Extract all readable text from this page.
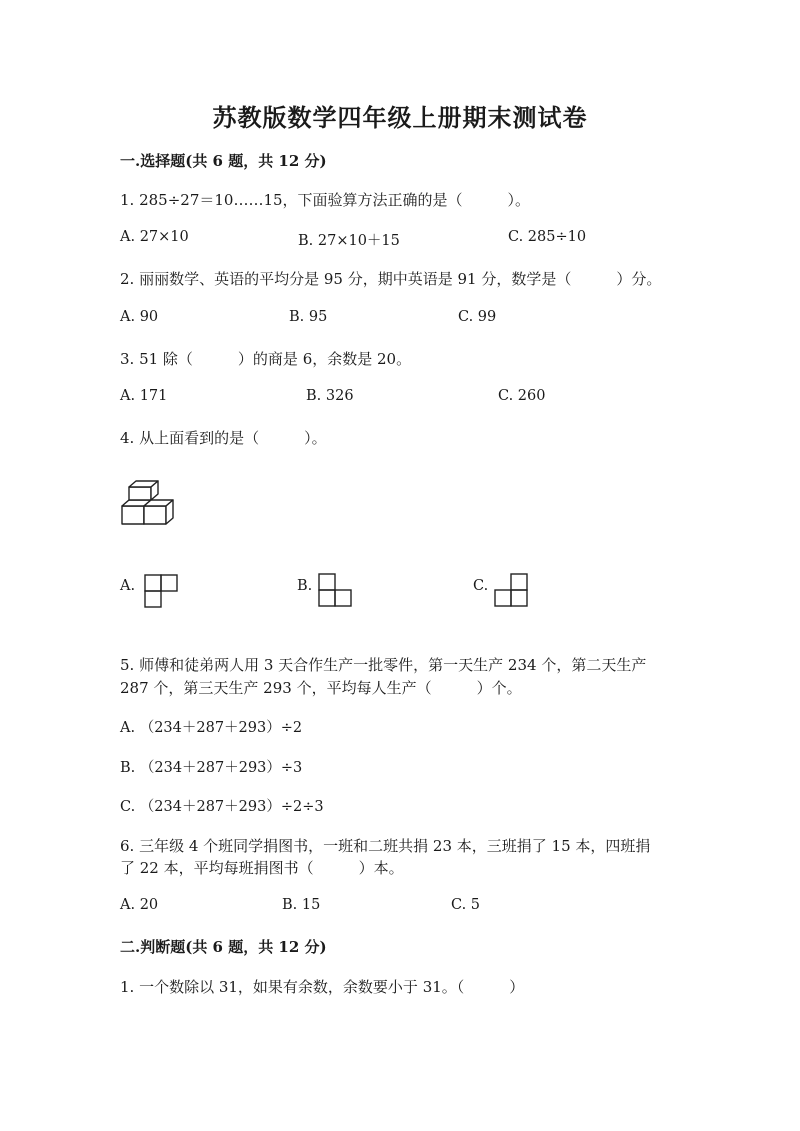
苏教版数学四年级上册期末测试卷
一.选择题(共 6 题，共 12 分)
1. 285÷27＝10……15，下面验算方法正确的是（　　　）。
A. 27×10	B. 27×10＋15	C. 285÷10
2. 丽丽数学、英语的平均分是 95 分，期中英语是 91 分，数学是（　　　）分。
A. 90	B. 95	C. 99
3. 51 除（　　　）的商是 6，余数是 20。
A. 171	B. 326	C. 260
4. 从上面看到的是（　　　）。
A.	B.	C.
5. 师傅和徒弟两人用 3 天合作生产一批零件，第一天生产 234 个，第二天生产
287 个，第三天生产 293 个，平均每人生产（　　　）个。
A. （234＋287＋293）÷2
B. （234＋287＋293）÷3
C. （234＋287＋293）÷2÷3
6. 三年级 4 个班同学捐图书，一班和二班共捐 23 本，三班捐了 15 本，四班捐
了 22 本，平均每班捐图书（　　　）本。
A. 20	B. 15	C. 5
二.判断题(共 6 题，共 12 分)
1. 一个数除以 31，如果有余数，余数要小于 31。（　　　）
